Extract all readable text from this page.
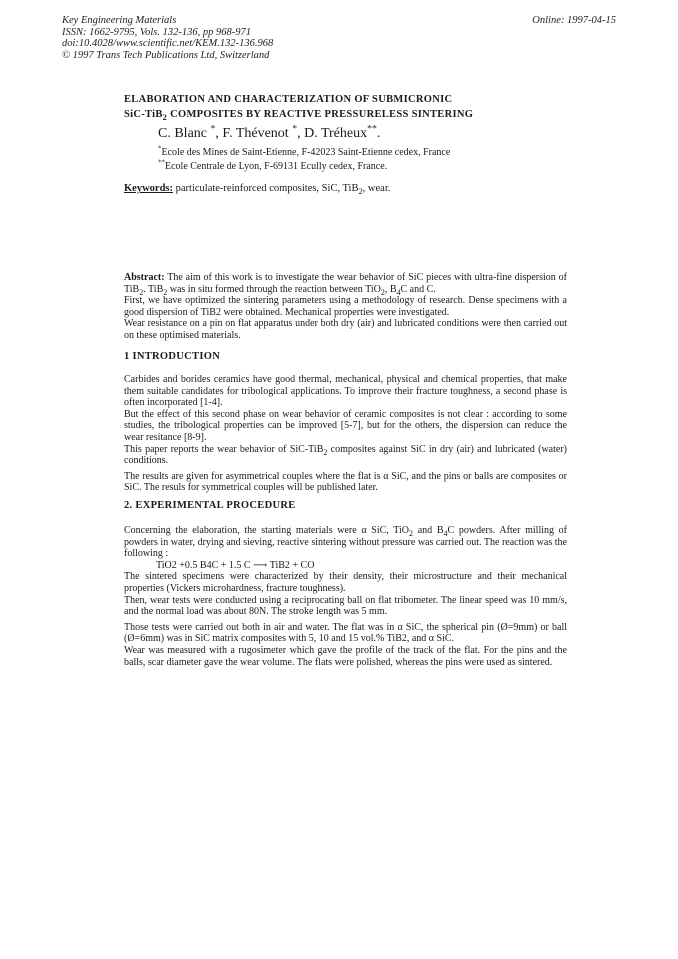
Key Engineering Materials
ISSN: 1662-9795, Vols. 132-136, pp 968-971
doi:10.4028/www.scientific.net/KEM.132-136.968
© 1997 Trans Tech Publications Ltd, Switzerland
Online: 1997-04-15
ELABORATION AND CHARACTERIZATION OF SUBMICRONIC
SiC-TiB$_2$ COMPOSITES BY REACTIVE PRESSURELESS SINTERING
C. Blanc *, F. Thévenot *, D. Tréheux**.
*Ecole des Mines de Saint-Etienne, F-42023 Saint-Etienne cedex, France
**Ecole Centrale de Lyon, F-69131 Ecully cedex, France.
Keywords: particulate-reinforced composites, SiC, TiB$_2$, wear.

Abstract: The aim of this work is to investigate the wear behavior of SiC pieces with ultra-fine dispersion of TiB$_2$. TiB$_2$ was in situ formed through the reaction between TiO$_2$, $B_4C$ and C.

First, we have optimized the sintering parameters using a methodology of research. Dense specimens with a good dispersion of TiB2 were obtained. Mechanical properties were investigated.

Wear resistance on a pin on flat apparatus under both dry (air) and lubricated conditions were then carried out on these optimised materials.

1 INTRODUCTION

Carbides and borides ceramics have good thermal, mechanical, physical and chemical properties, that make them suitable candidates for tribological applications. To improve their fracture toughness, a second phase is often incorporated [1-4].

But the effect of this second phase on wear behavior of ceramic composites is not clear : according to some studies, the tribological properties can be improved [5-7], but for the others, the dispersion can reduce the wear resitance [8-9].

This paper reports the wear behavior of SiC-TiB$_2$ composites against SiC in dry (air) and lubricated (water) conditions.

The results are given for asymmetrical couples where the flat is α SiC, and the pins or balls are composites or SiC. The resuls for symmetrical couples will be published later.

2. EXPERIMENTAL PROCEDURE

Concerning the elaboration, the starting materials were α SiC, TiO$_2$ and $B_4C$ powders. After milling of powders in water, drying and sieving, reactive sintering without pressure was carried out. The reaction was the following :

TiO2 +0.5 B4C + 1.5 C ⟶ TiB2 + CO

The sintered specimens were characterized by their density, their microstructure and their mechanical properties (Vickers microhardness, fracture toughness).

Then, wear tests were conducted using a reciprocating ball on flat tribometer. The linear speed was 10 mm/s, and the normal load was about 80N. The stroke length was 5 mm.

Those tests were carried out both in air and water. The flat was in α SiC, the spherical pin (Ø=9mm) or ball (Ø=6mm) was in SiC matrix composites with 5, 10 and 15 vol.% TiB2, and α SiC.

Wear was measured with a rugosimeter which gave the profile of the track of the flat. For the pins and the balls, scar diameter gave the wear volume. The flats were polished, whereas the pins were used as sintered.
